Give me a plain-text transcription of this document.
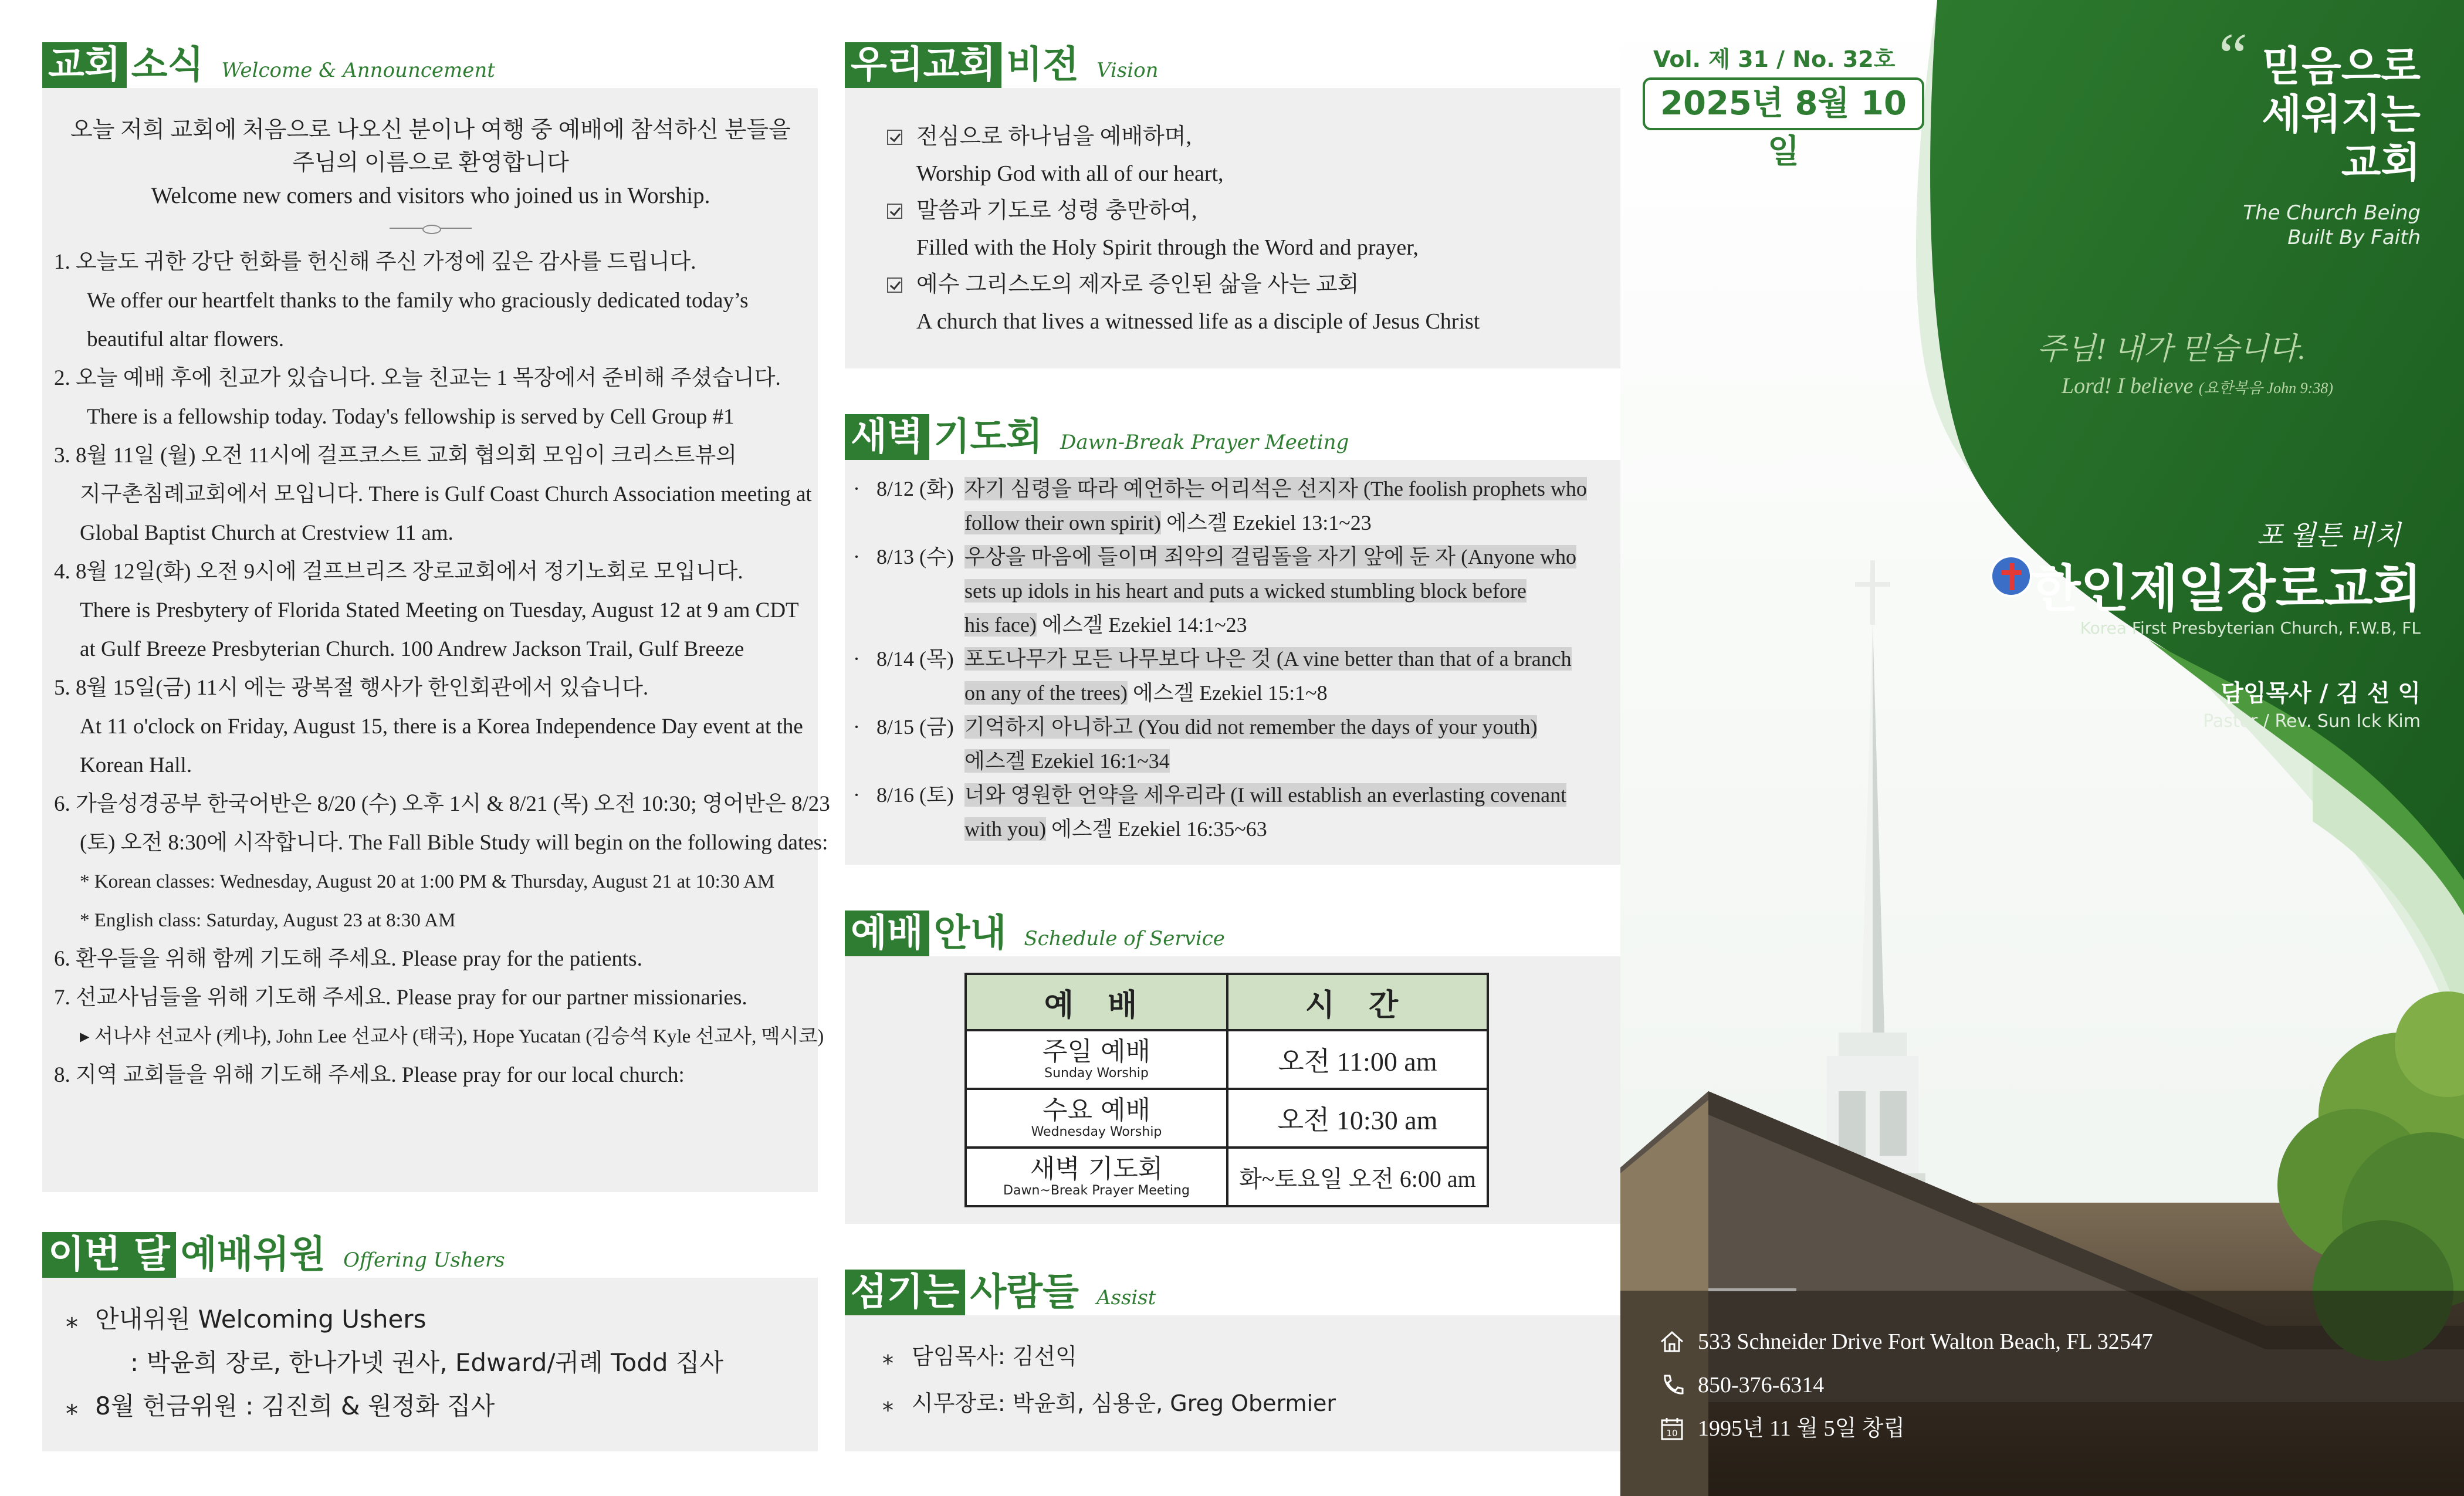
교회 소식 Welcome & Announcement
오늘 저희 교회에 처음으로 나오신 분이나 여행 중 예배에 참석하신 분들을
주님의 이름으로 환영합니다
Welcome new comers and visitors who joined us in Worship.
1. 오늘도 귀한 강단 헌화를 헌신해 주신 가정에 깊은 감사를 드립니다.
We offer our heartfelt thanks to the family who graciously dedicated today’s
beautiful altar flowers.
2. 오늘 예배 후에 친교가 있습니다. 오늘 친교는 1 목장에서 준비해 주셨습니다.
There is a fellowship today. Today's fellowship is served by Cell Group #1
3. 8월 11일 (월) 오전 11시에 걸프코스트 교회 협의회 모임이 크리스트뷰의
지구촌침례교회에서 모입니다. There is Gulf Coast Church Association meeting at
Global Baptist Church at Crestview 11 am.
4. 8월 12일(화) 오전 9시에 걸프브리즈 장로교회에서 정기노회로 모입니다.
There is Presbytery of Florida Stated Meeting on Tuesday, August 12 at 9 am CDT
at Gulf Breeze Presbyterian Church. 100 Andrew Jackson Trail, Gulf Breeze
5. 8월 15일(금) 11시 에는 광복절 행사가 한인회관에서 있습니다.
At 11 o'clock on Friday, August 15, there is a Korea Independence Day event at the
Korean Hall.
6. 가을성경공부 한국어반은 8/20 (수) 오후 1시 & 8/21 (목) 오전 10:30; 영어반은 8/23
(토) 오전 8:30에 시작합니다. The Fall Bible Study will begin on the following dates:
* Korean classes: Wednesday, August 20 at 1:00 PM & Thursday, August 21 at 10:30 AM
* English class: Saturday, August 23 at 8:30 AM
6. 환우들을 위해 함께 기도해 주세요. Please pray for the patients.
7. 선교사님들을 위해 기도해 주세요. Please pray for our partner missionaries.
▸ 서나샤 선교사 (케냐), John Lee 선교사 (태국), Hope Yucatan (김승석 Kyle 선교사, 멕시코)
8. 지역 교회들을 위해 기도해 주세요. Please pray for our local church:
이번 달 예배위원 Offering Ushers
⁎ 안내위원 Welcoming Ushers
: 박윤희 장로, 한나가넷 권사, Edward/귀례 Todd 집사
⁎ 8월 헌금위원 : 김진희 & 원정화 집사
우리교회 비전 Vision
전심으로 하나님을 예배하며,
Worship God with all of our heart,
말씀과 기도로 성령 충만하여,
Filled with the Holy Spirit through the Word and prayer,
예수 그리스도의 제자로 증인된 삶을 사는 교회
A church that lives a witnessed life as a disciple of Jesus Christ
새벽 기도회 Dawn-Break Prayer Meeting
· 8/12 (화) 자기 심령을 따라 예언하는 어리석은 선지자 (The foolish prophets who
follow their own spirit) 에스겔 Ezekiel 13:1~23
· 8/13 (수) 우상을 마음에 들이며 죄악의 걸림돌을 자기 앞에 둔 자 (Anyone who
sets up idols in his heart and puts a wicked stumbling block before
his face) 에스겔 Ezekiel 14:1~23
· 8/14 (목) 포도나무가 모든 나무보다 나은 것 (A vine better than that of a branch
on any of the trees) 에스겔 Ezekiel 15:1~8
· 8/15 (금) 기억하지 아니하고 (You did not remember the days of your youth)
에스겔 Ezekiel 16:1~34
· 8/16 (토) 너와 영원한 언약을 세우리라 (I will establish an everlasting covenant
with you) 에스겔 Ezekiel 16:35~63
예배 안내 Schedule of Service
예 배	시 간

주일 예배
Sunday Worship	오전 11:00 am

수요 예배
Wednesday Worship	오전 10:30 am

새벽 기도회
Dawn~Break Prayer Meeting	화~토요일 오전 6:00 am
섬기는 사람들 Assist
⁎ 담임목사: 김선익
⁎ 시무장로: 박윤희, 심용운, Greg Obermier
Vol. 제 31 / No. 32호
2025년 8월 10일
“ 믿음으로
세워지는
교회
The Church Being
Built By Faith
주님! 내가 믿습니다.
Lord! I believe (요한복음 John 9:38)
포 월튼 비치
한인제일장로교회
Korea First Presbyterian Church, F.W.B, FL
담임목사 / 김 선 익
Pastor / Rev. Sun Ick Kim
533 Schneider Drive Fort Walton Beach, FL 32547
850-376-6314
10 1995년 11 월 5일 창립
